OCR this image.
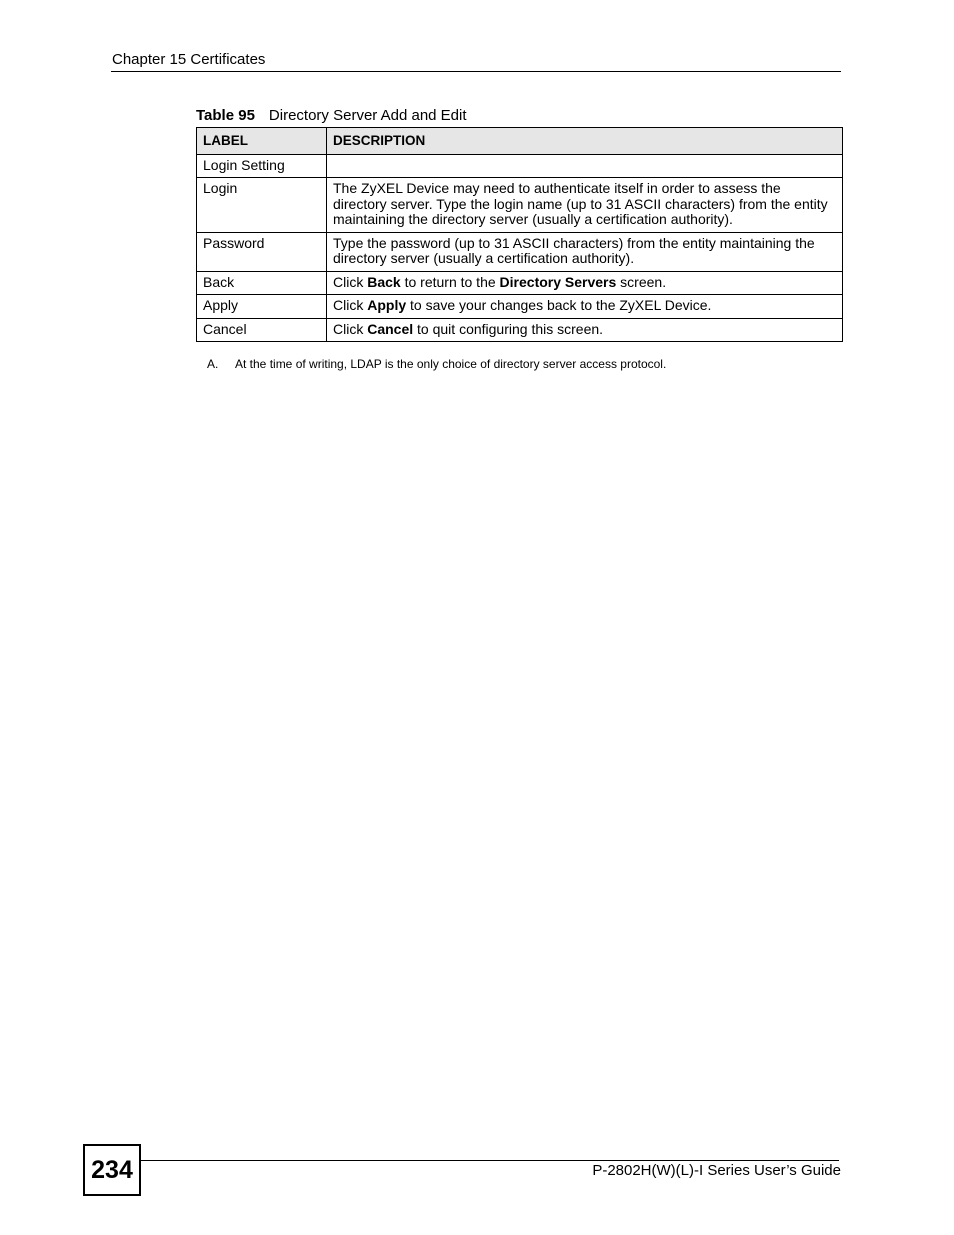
Chapter 15 Certificates
Table 95 Directory Server Add and Edit
LABEL	DESCRIPTION
Login Setting	
Login	The ZyXEL Device may need to authenticate itself in order to assess the directory server. Type the login name (up to 31 ASCII characters) from the entity maintaining the directory server (usually a certification authority).
Password	Type the password (up to 31 ASCII characters) from the entity maintaining the directory server (usually a certification authority).
Back	Click Back to return to the Directory Servers screen.
Apply	Click Apply to save your changes back to the ZyXEL Device.
Cancel	Click Cancel to quit configuring this screen.
A. At the time of writing, LDAP is the only choice of directory server access protocol.
234	P-2802H(W)(L)-I Series User’s Guide
